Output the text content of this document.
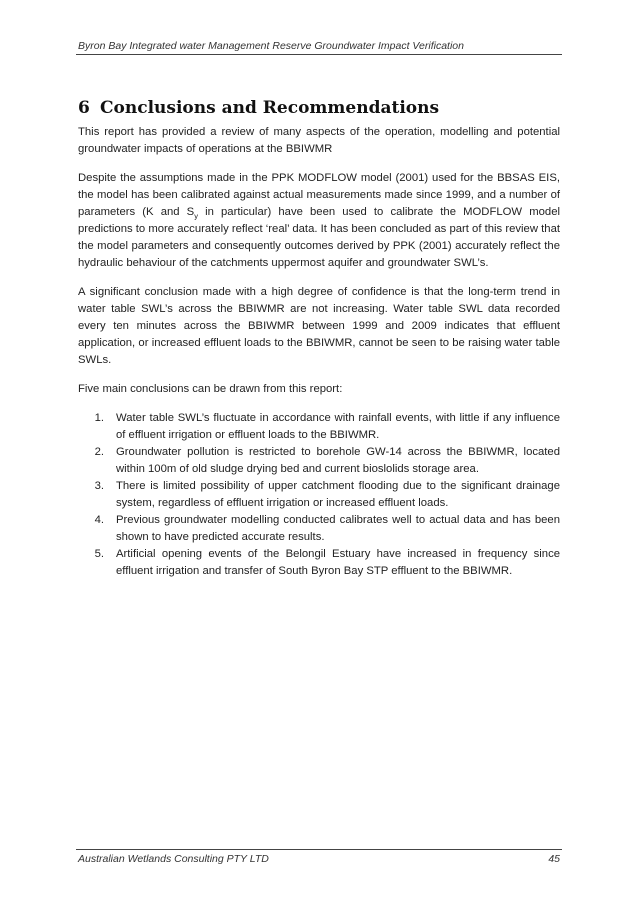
Byron Bay Integrated water Management Reserve Groundwater Impact Verification
6 Conclusions and Recommendations

This report has provided a review of many aspects of the operation, modelling and potential groundwater impacts of operations at the BBIWMR

Despite the assumptions made in the PPK MODFLOW model (2001) used for the BBSAS EIS, the model has been calibrated against actual measurements made since 1999, and a number of parameters (K and $S_y$ in particular) have been used to calibrate the MODFLOW model predictions to more accurately reflect ‘real’ data. It has been concluded as part of this review that the model parameters and consequently outcomes derived by PPK (2001) accurately reflect the hydraulic behaviour of the catchments uppermost aquifer and groundwater SWL’s.

A significant conclusion made with a high degree of confidence is that the long-term trend in water table SWL’s across the BBIWMR are not increasing. Water table SWL data recorded every ten minutes across the BBIWMR between 1999 and 2009 indicates that effluent application, or increased effluent loads to the BBIWMR, cannot be seen to be raising water table SWLs.

Five main conclusions can be drawn from this report:

1.	Water table SWL’s fluctuate in accordance with rainfall events, with little if any influence of effluent irrigation or effluent loads to the BBIWMR.
2.	Groundwater pollution is restricted to borehole GW-14 across the BBIWMR, located within 100m of old sludge drying bed and current bioslolids storage area.
3.	There is limited possibility of upper catchment flooding due to the significant drainage system, regardless of effluent irrigation or increased effluent loads.
4.	Previous groundwater modelling conducted calibrates well to actual data and has been shown to have predicted accurate results.
5.	Artificial opening events of the Belongil Estuary have increased in frequency since effluent irrigation and transfer of South Byron Bay STP effluent to the BBIWMR.
Australian Wetlands Consulting PTY LTD	45
